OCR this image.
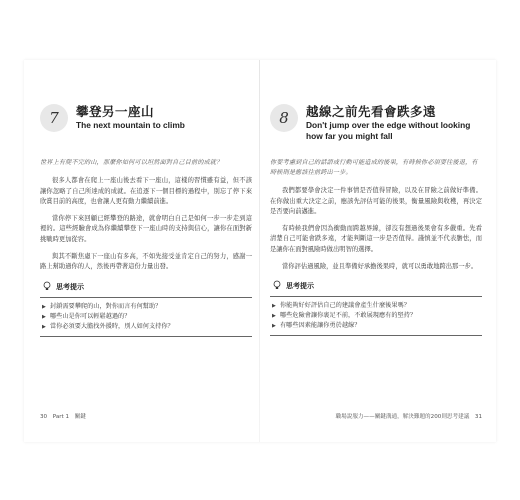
7	攀登另一座山
The next mountain to climb

世界上有爬不完的山，那麼你如何可以坦然面對自己目前的成就？

很多人都會在爬上一座山後去看下一座山，這樣的習慣雖有益，但不該讓你忽略了自己所達成的成就。在追逐下一個目標的過程中，別忘了停下來欣賞目前的高度，也會讓人更有動力繼續前進。

當你停下來回顧已經攀登的路途，就會明白自己是如何一步一步走到這裡的。這些經驗會成為你繼續攀登下一座山時的支持與信心，讓你在面對新挑戰時更加從容。

與其不斷焦慮下一座山有多高，不如先接受並肯定自己的努力，感謝一路上幫助過你的人，然後再帶著這份力量出發。

思考提示
▶ 封鎖需要攀爬的山，對你而言有何幫助？
▶ 哪些山是你可以輕鬆越過的？
▶ 當你必須要大膽找外援時，別人如何支持你？
30　Part 1　關鍵
8	越線之前先看會跌多遠
Don't jump over the edge without looking how far you might fall

你要考慮到自己的話語或行動可能造成的後果，有時候你必須要往後退，有時候則是應該往前跨出一步。

我們都要學會決定一件事情是否值得冒險，以及在冒險之前做好準備。在你做出重大決定之前，應該先評估可能的後果，衡量風險與收穫，再決定是否要向前邁進。

有時候我們會因為衝動而跨越界線，卻沒有想過後果會有多嚴重。先看清楚自己可能會跌多遠，才能判斷這一步是否值得。謹慎並不代表膽怯，而是讓你在面對風險時做出明智的選擇。

當你評估過風險，並且準備好承擔後果時，就可以勇敢地跨出那一步。

思考提示
▶ 你能夠好好評估自己的建議會產生什麼後果嗎？
▶ 哪些危險會讓你裹足不前，不敢展現應有的堅持？
▶ 有哪些因素能讓你勇於越線？
職場說服力——關鍵溝通，解決難題的200則思考建議　31
